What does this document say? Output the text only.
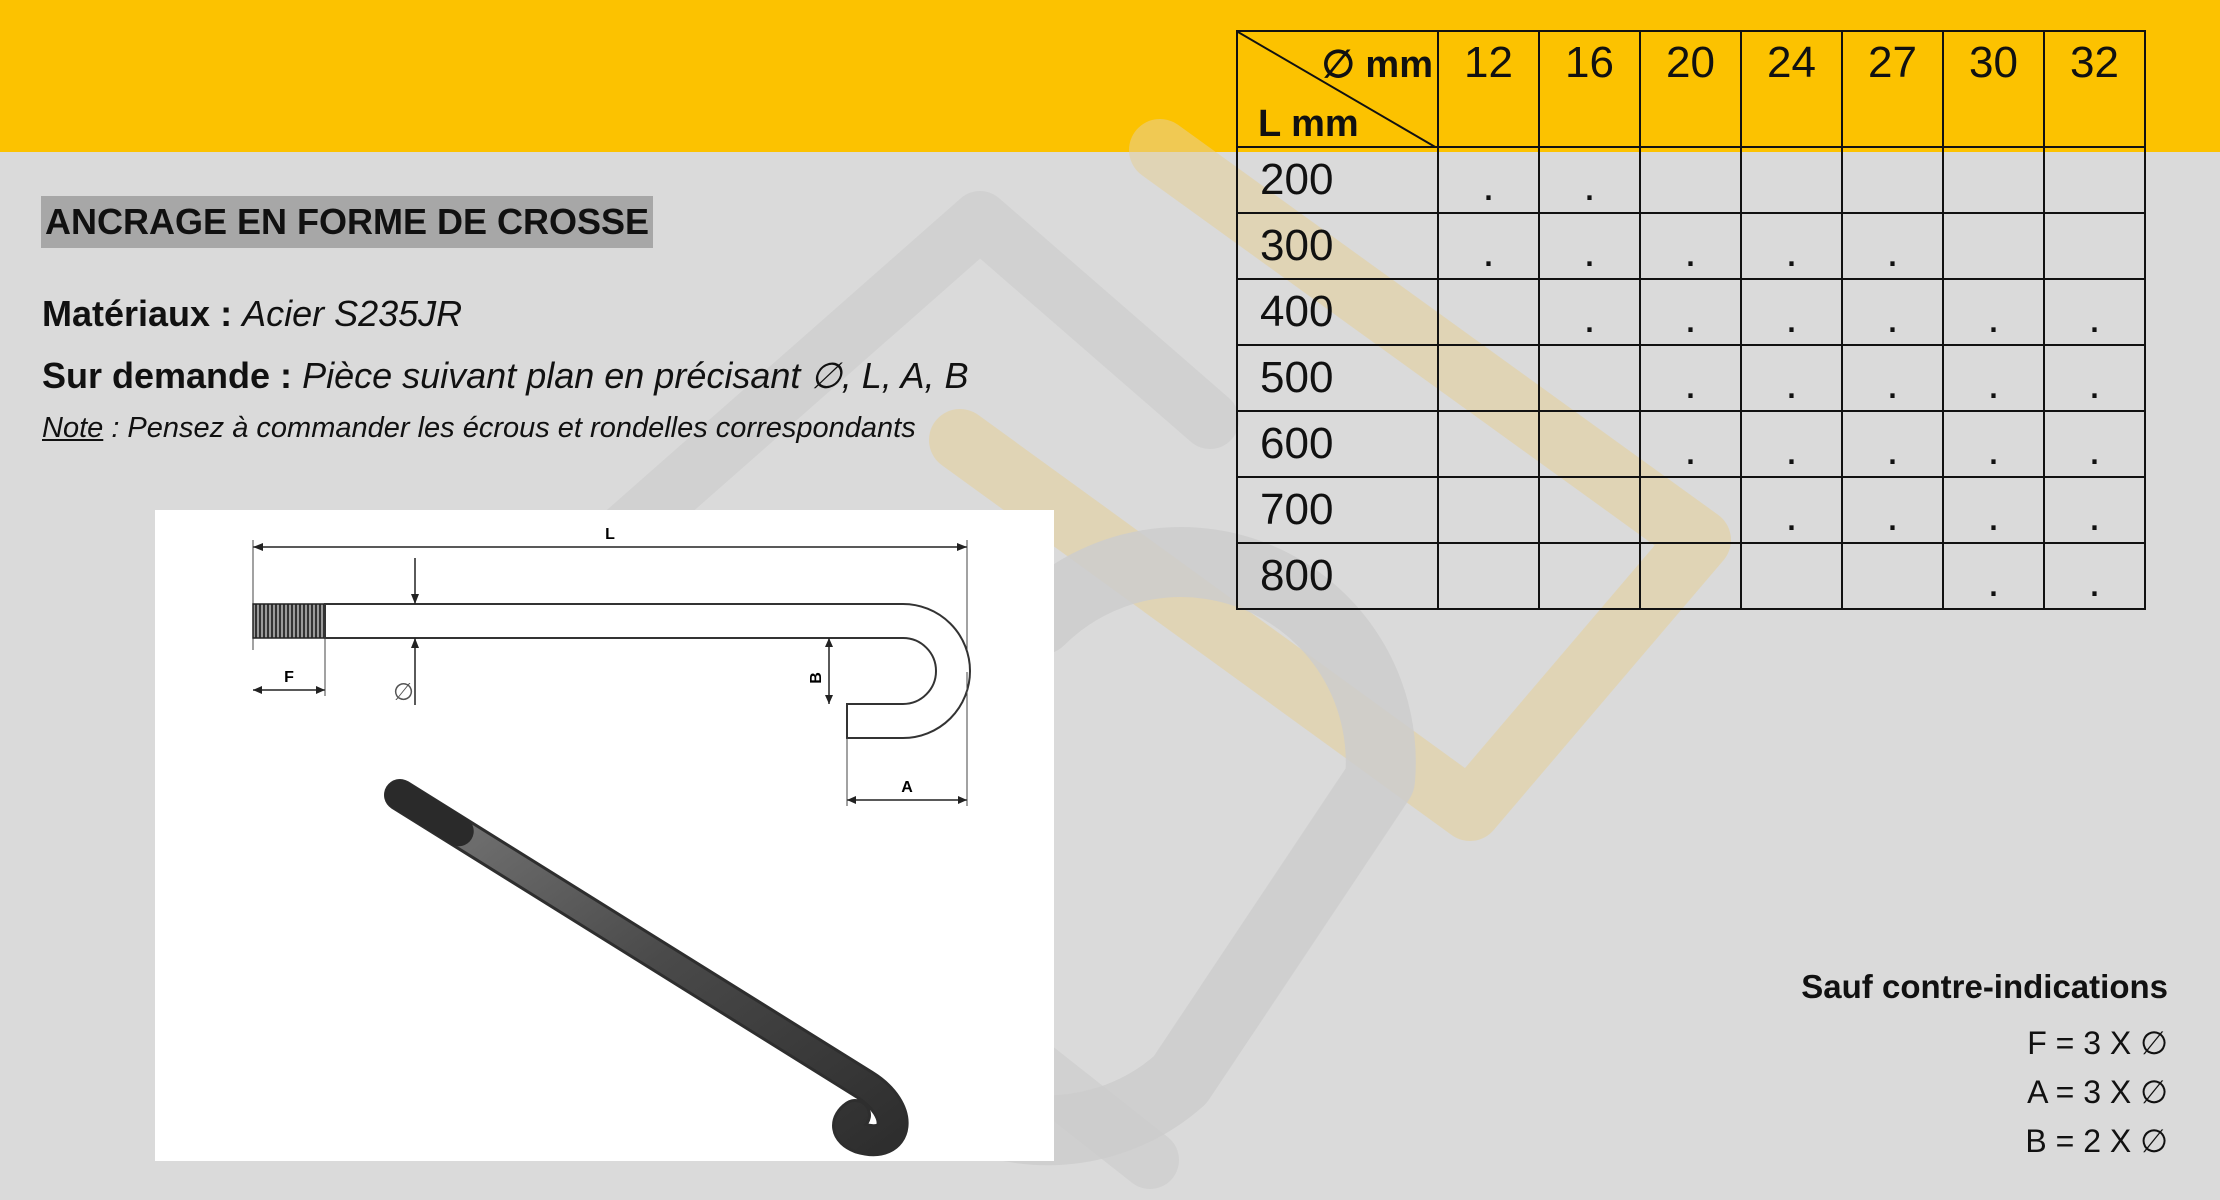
ANCRAGE EN FORME DE CROSSE
Matériaux : Acier S235JR
Sur demande : Pièce suivant plan en précisant ∅, L, A, B
Note : Pensez à commander les écrous et rondelles correspondants
L
F
∅	B
A
∅ mm
L mm	12	16	20	24	27	30	32
200	.	.					
300	.	.	.	.	.		
400		.	.	.	.	.	.
500			.	.	.	.	.
600			.	.	.	.	.
700				.	.	.	.
800						.	.
Sauf contre-indications
F = 3 X ∅
A = 3 X ∅
B = 2 X ∅
